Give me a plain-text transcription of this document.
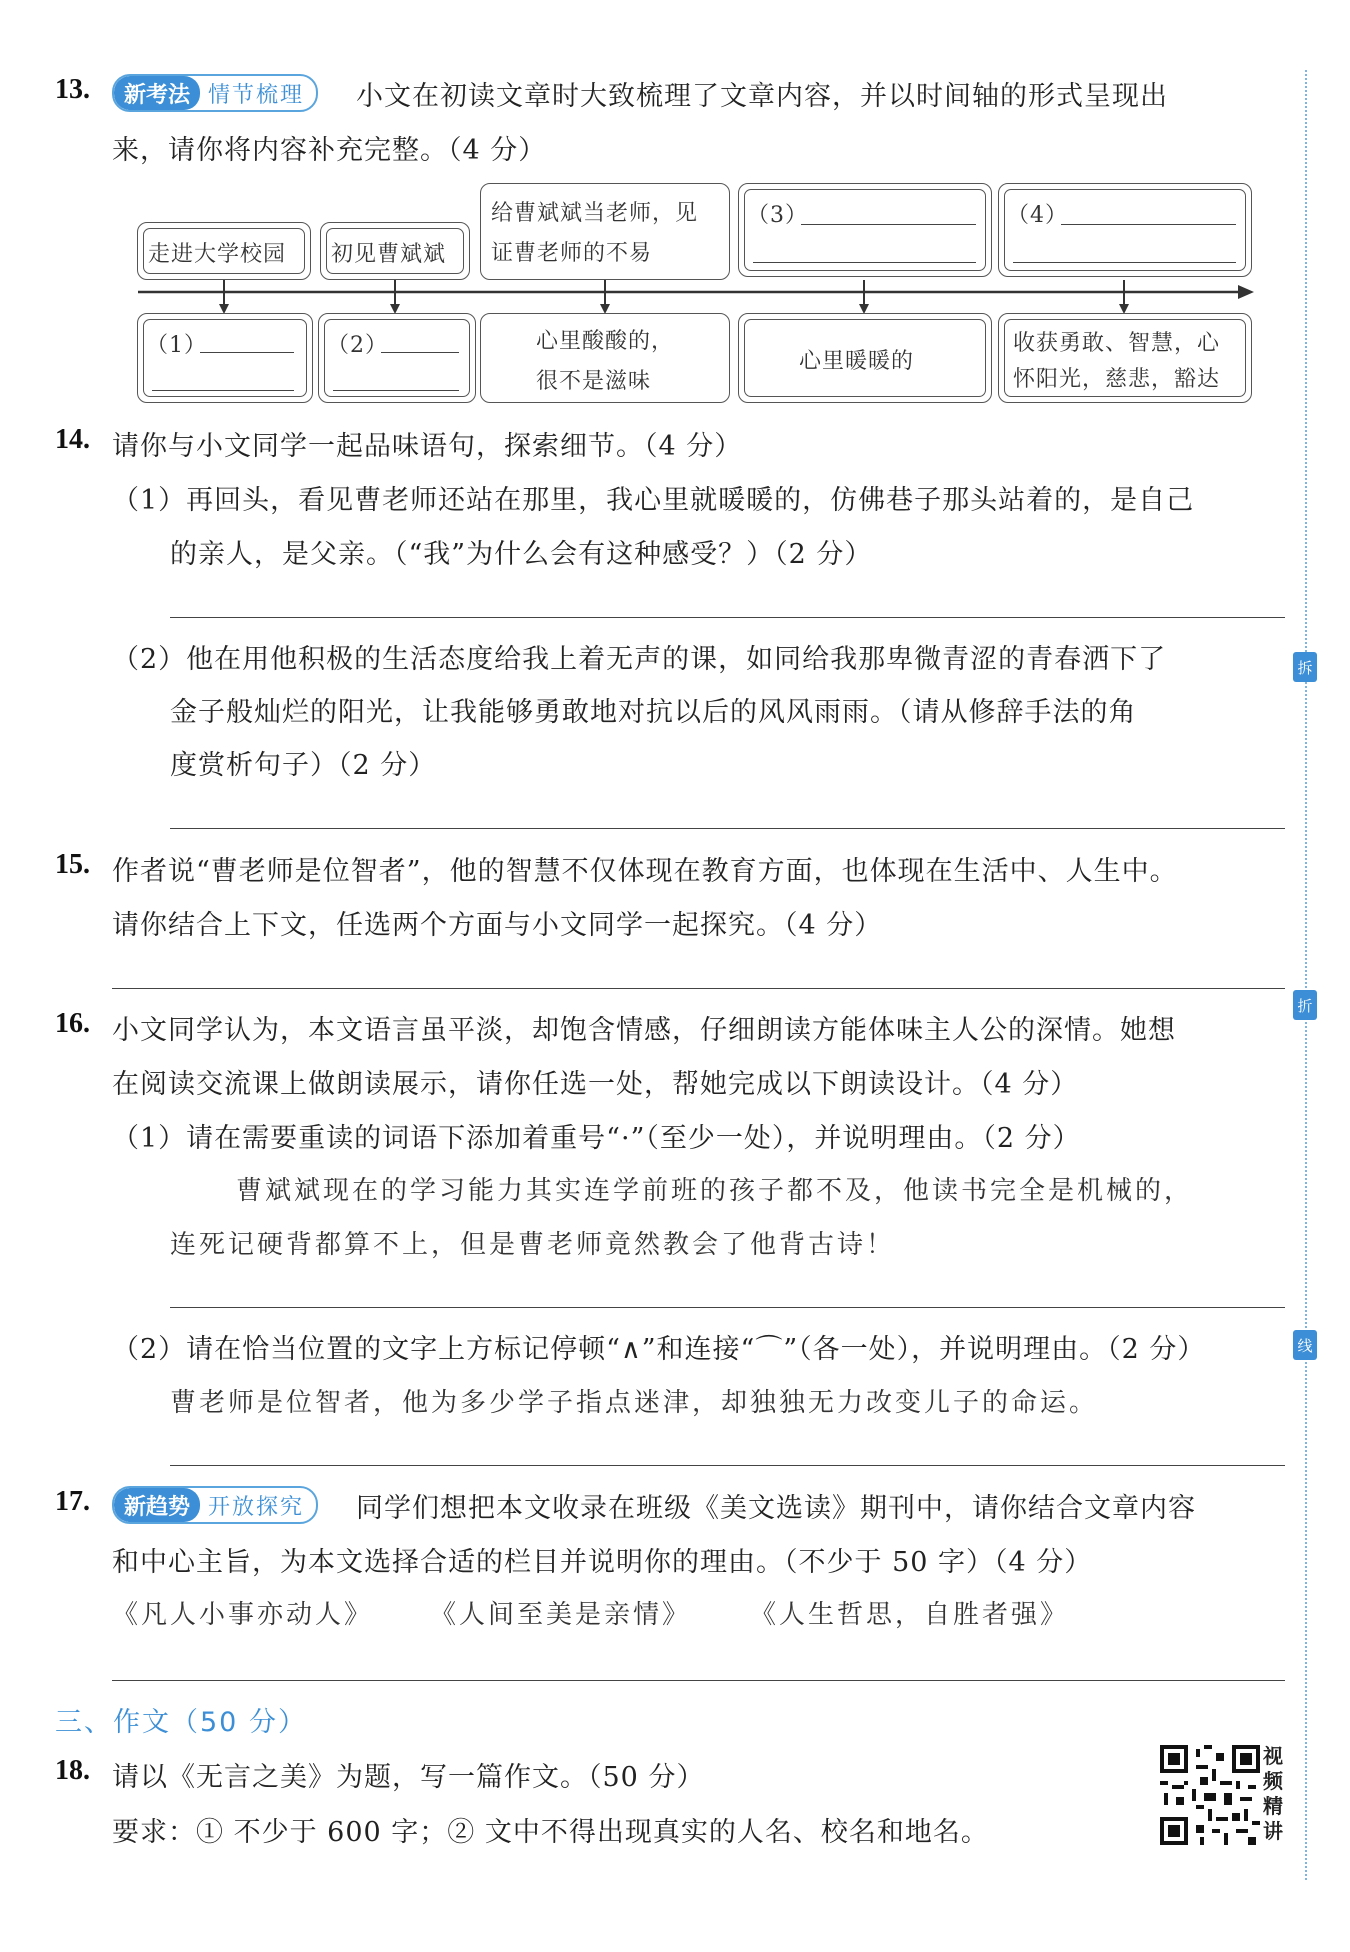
拆
折
线
13.	新考法 情节梳理	小文在初读文章时大致梳理了文章内容，并以时间轴的形式呈现出
来，请你将内容补充完整。（4 分）
走进大学校园 初见曹斌斌
给曹斌斌当老师，见
证曹老师的不易
（3）	（4）
（1）	（2）	心里酸酸的，
很不是滋味
心里暖暖的
收获勇敢、智慧，心
怀阳光，慈悲，豁达
14. 请你与小文同学一起品味语句，探索细节。（4 分）
（1）再回头，看见曹老师还站在那里，我心里就暖暖的，仿佛巷子那头站着的，是自己
的亲人，是父亲。（“我”为什么会有这种感受？）（2 分）
（2）他在用他积极的生活态度给我上着无声的课，如同给我那卑微青涩的青春洒下了
金子般灿烂的阳光，让我能够勇敢地对抗以后的风风雨雨。（请从修辞手法的角
度赏析句子）（2 分）
15. 作者说“曹老师是位智者”，他的智慧不仅体现在教育方面，也体现在生活中、人生中。
请你结合上下文，任选两个方面与小文同学一起探究。（4 分）
16. 小文同学认为，本文语言虽平淡，却饱含情感，仔细朗读方能体味主人公的深情。她想
在阅读交流课上做朗读展示，请你任选一处，帮她完成以下朗读设计。（4 分）
（1）请在需要重读的词语下添加着重号“·”（至少一处），并说明理由。（2 分）
曹斌斌现在的学习能力其实连学前班的孩子都不及，他读书完全是机械的，
连死记硬背都算不上，但是曹老师竟然教会了他背古诗！
（2）请在恰当位置的文字上方标记停顿“∧”和连接“⌒”（各一处），并说明理由。（2 分）
曹老师是位智者，他为多少学子指点迷津，却独独无力改变儿子的命运。
17.	新趋势 开放探究	同学们想把本文收录在班级《美文选读》期刊中，请你结合文章内容
和中心主旨，为本文选择合适的栏目并说明你的理由。（不少于 50 字）（4 分）
《凡人小事亦动人》 《人间至美是亲情》 《人生哲思，自胜者强》
三、作文（50 分）
18. 请以《无言之美》为题，写一篇作文。（50 分）
要求：① 不少于 600 字；② 文中不得出现真实的人名、校名和地名。
视频精讲
